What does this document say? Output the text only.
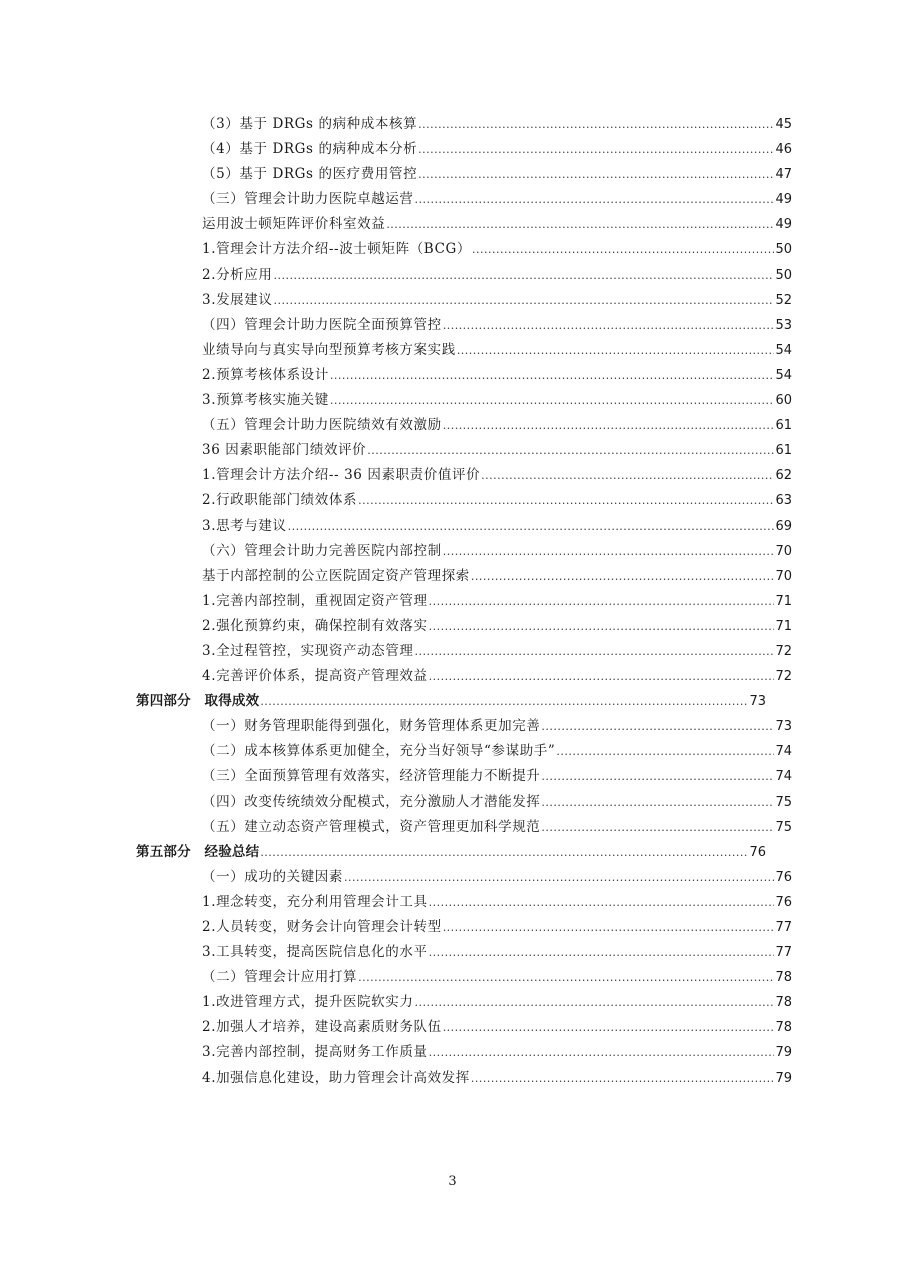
（3）基于 DRGs 的病种成本核算 .....	45
（4）基于 DRGs 的病种成本分析 .....	46
（5）基于 DRGs 的医疗费用管控 .....	47
（三）管理会计助力医院卓越运营 .....	49
运用波士顿矩阵评价科室效益 .....	49
1.管理会计方法介绍--波士顿矩阵（BCG） .....	50
2.分析应用 .....	50
3.发展建议 .....	52
（四）管理会计助力医院全面预算管控 .....	53
业绩导向与真实导向型预算考核方案实践 .....	54
2.预算考核体系设计 .....	54
3.预算考核实施关键 .....	60
（五）管理会计助力医院绩效有效激励 .....	61
36 因素职能部门绩效评价 .....	61
1.管理会计方法介绍-- 36 因素职责价值评价 .....	62
2.行政职能部门绩效体系 .....	63
3.思考与建议 .....	69
（六）管理会计助力完善医院内部控制 .....	70
基于内部控制的公立医院固定资产管理探索 .....	70
1.完善内部控制，重视固定资产管理 .....	71
2.强化预算约束，确保控制有效落实 .....	71
3.全过程管控，实现资产动态管理 .....	72
4.完善评价体系，提高资产管理效益 .....	72
第四部分　取得成效 .....	73
（一）财务管理职能得到强化，财务管理体系更加完善 .....	73
（二）成本核算体系更加健全，充分当好领导“参谋助手” .....	74
（三）全面预算管理有效落实，经济管理能力不断提升 .....	74
（四）改变传统绩效分配模式，充分激励人才潜能发挥 .....	75
（五）建立动态资产管理模式，资产管理更加科学规范 .....	75
第五部分　经验总结 .....	76
（一）成功的关键因素 .....	76
1.理念转变，充分利用管理会计工具 .....	76
2.人员转变，财务会计向管理会计转型 .....	77
3.工具转变，提高医院信息化的水平 .....	77
（二）管理会计应用打算 .....	78
1.改进管理方式，提升医院软实力 .....	78
2.加强人才培养，建设高素质财务队伍 .....	78
3.完善内部控制，提高财务工作质量 .....	79
4.加强信息化建设，助力管理会计高效发挥 .....	79
3
